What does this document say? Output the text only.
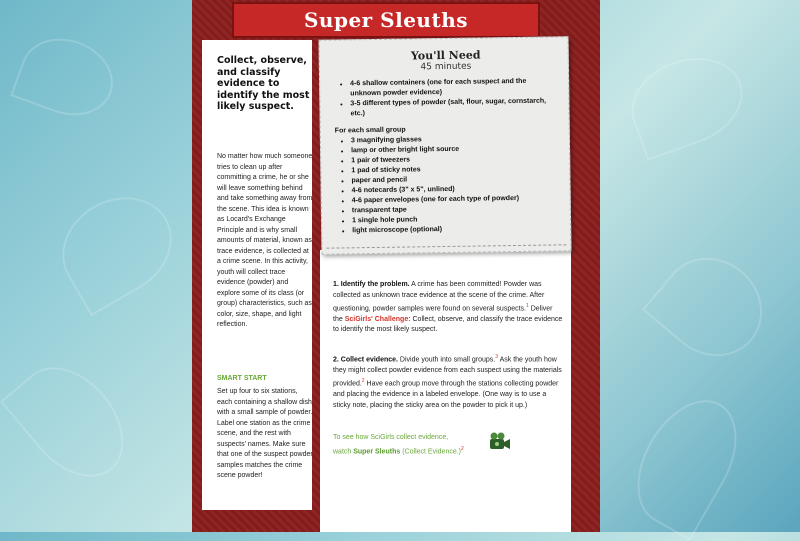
Super Sleuths
You'll Need
45 minutes
• 4-6 shallow containers (one for each suspect and the unknown powder evidence)
• 3-5 different types of powder (salt, flour, sugar, cornstarch, etc.)
For each small group
• 3 magnifying glasses
• lamp or other bright light source
• 1 pair of tweezers
• 1 pad of sticky notes
• paper and pencil
• 4-6 notecards (3" x 5", unlined)
• 4-6 paper envelopes (one for each type of powder)
• transparent tape
• 1 single hole punch
• light microscope (optional)
Collect, observe, and classify evidence to identify the most likely suspect.
No matter how much someone tries to clean up after committing a crime, he or she will leave something behind and take something away from the scene. This idea is known as Locard's Exchange Principle and is why small amounts of material, known as trace evidence, is collected at a crime scene. In this activity, youth will collect trace evidence (powder) and explore some of its class (or group) characteristics, such as color, size, shape, and light reflection.
SMART START
Set up four to six stations, each containing a shallow dish with a small sample of powder. Label one station as the crime scene, and the rest with suspects' names. Make sure that one of the suspect powder samples matches the crime scene powder!
1. Identify the problem. A crime has been committed! Powder was collected as unknown trace evidence at the scene of the crime. After questioning, powder samples were found on several suspects.$^1$ Deliver the SciGirls' Challenge: Collect, observe, and classify the trace evidence to identify the most likely suspect.
2. Collect evidence. Divide youth into small groups.$^3$ Ask the youth how they might collect powder evidence from each suspect using the materials provided.$^2$ Have each group move through the stations collecting powder and placing the evidence in a labeled envelope. (One way is to use a sticky note, placing the sticky area on the powder to pick it up.)
To see how SciGirls collect evidence,
watch Super Sleuths (Collect Evidence.)$^2$
